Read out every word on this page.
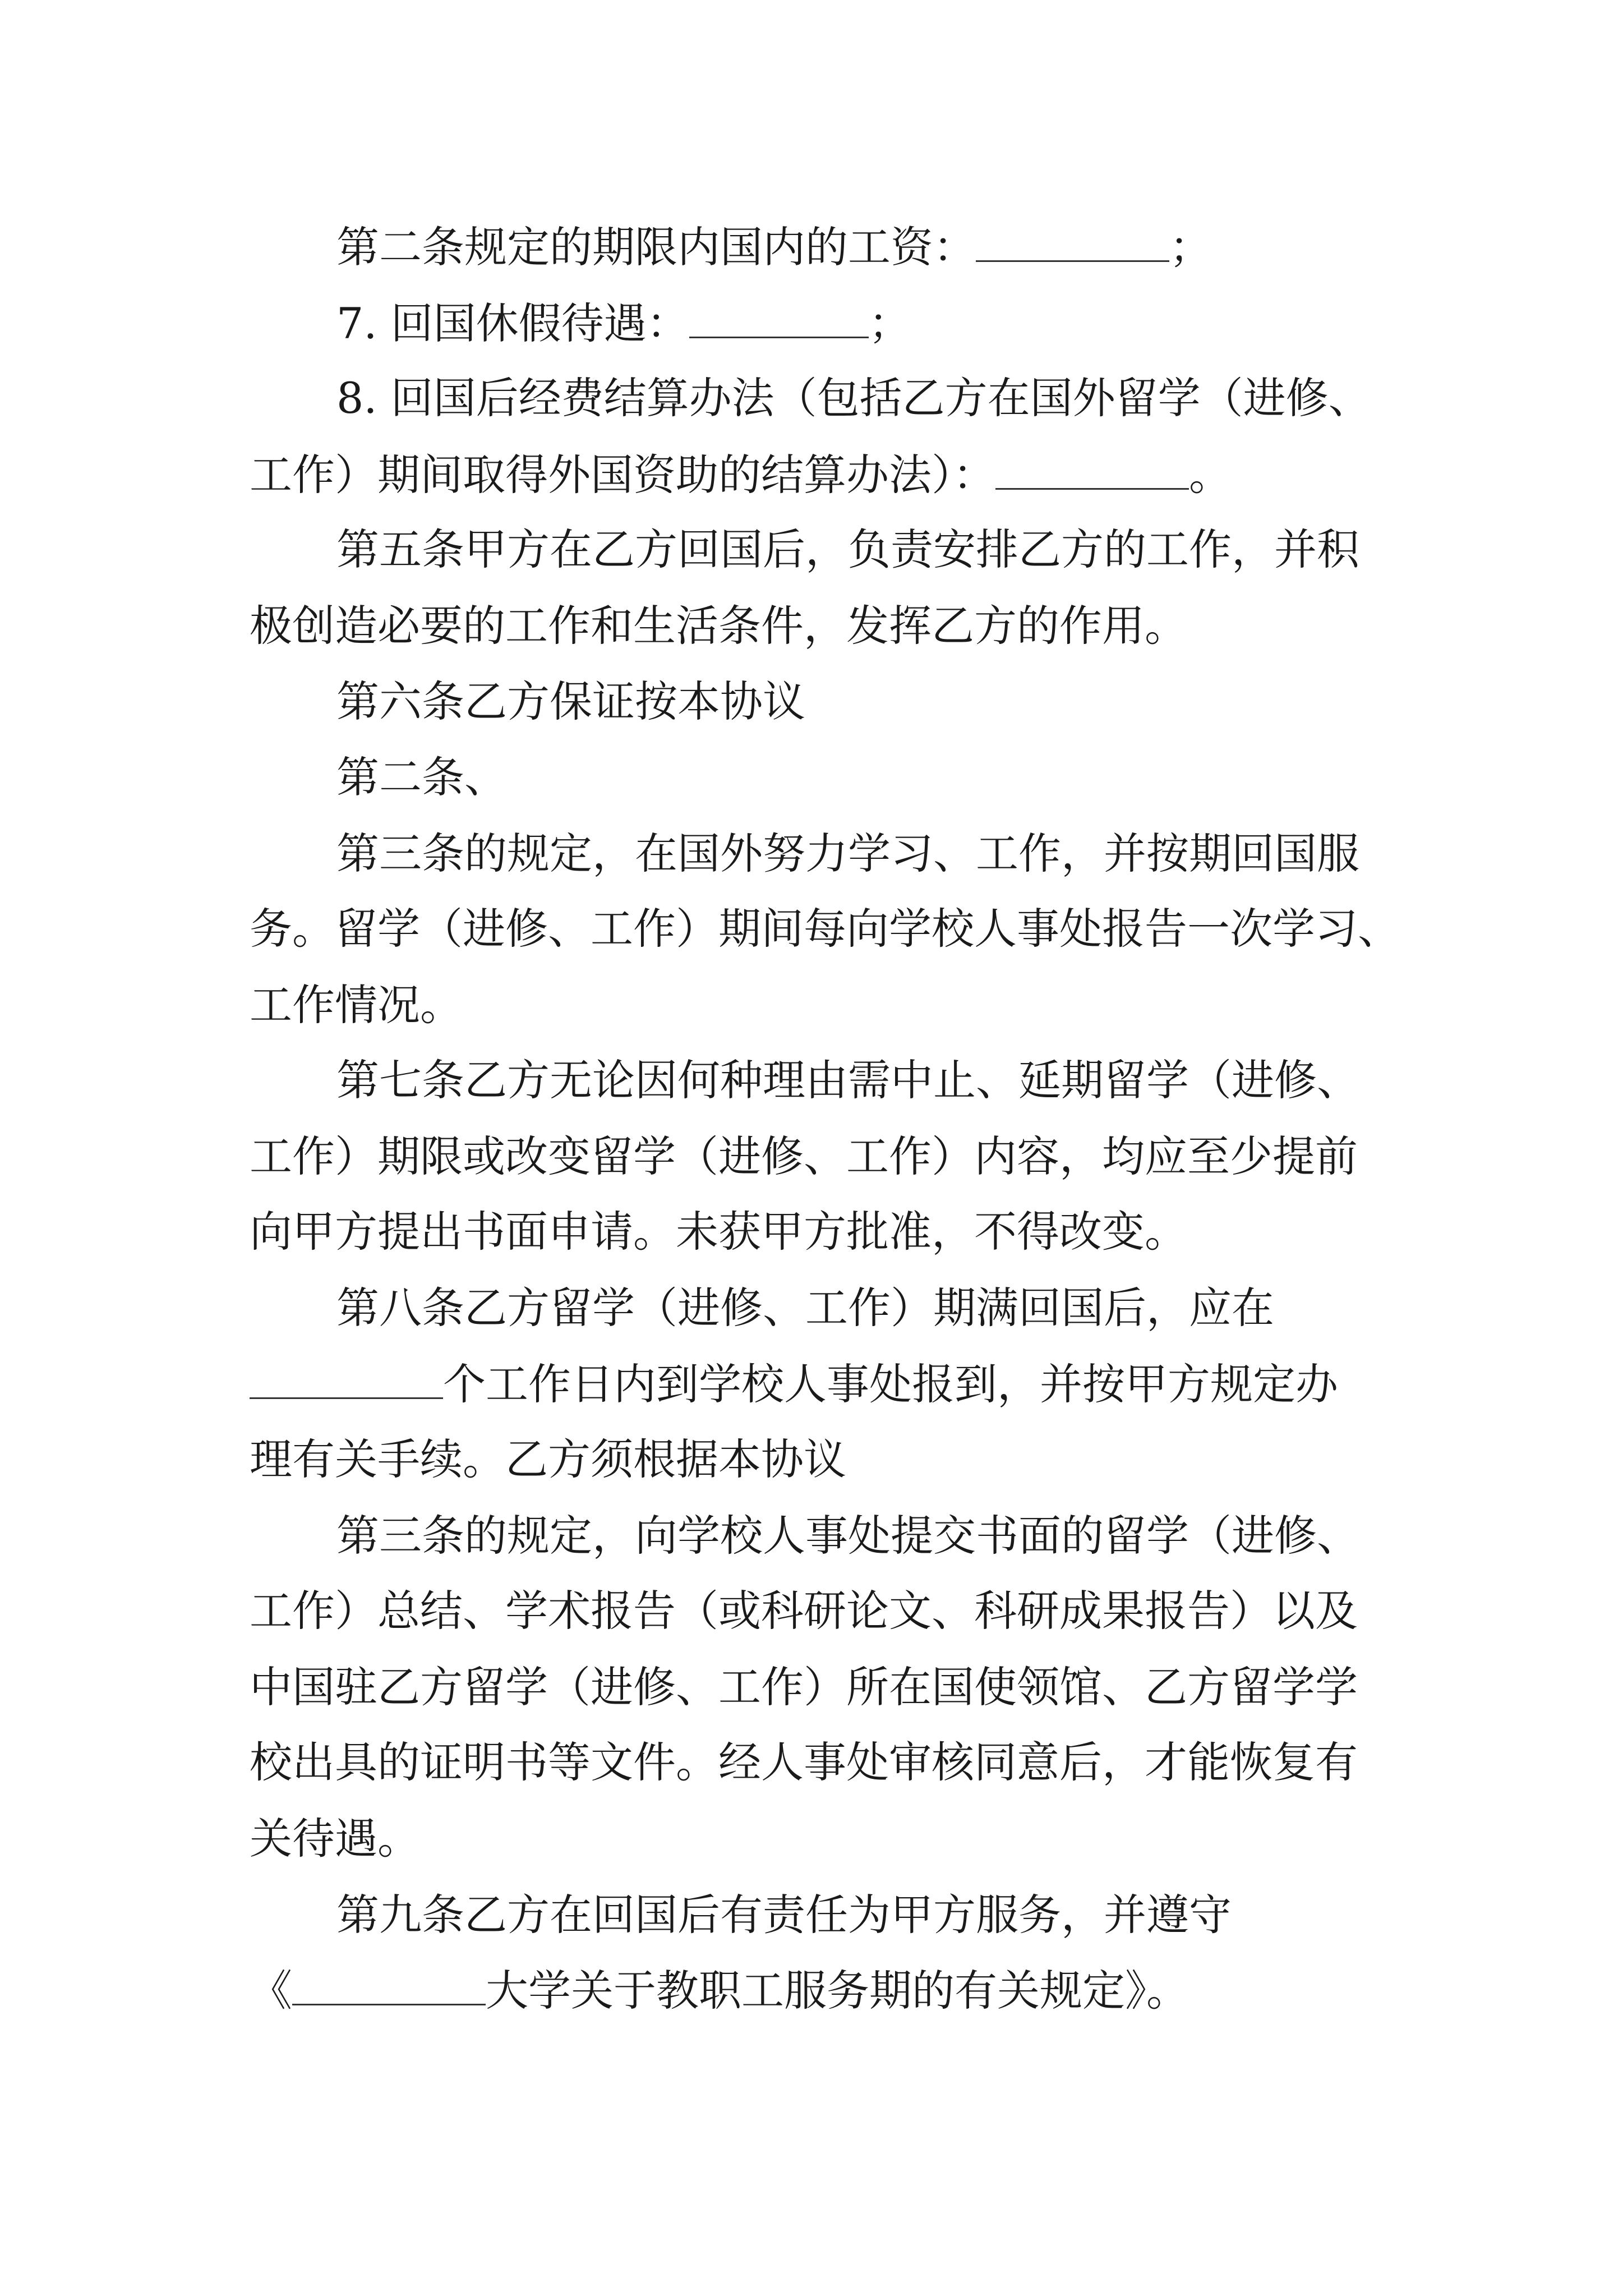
第二条规定的期限内国内的工资：	；
7. 回国休假待遇：	；
8. 回国后经费结算办法（包括乙方在国外留学（进修、
工作）期间取得外国资助的结算办法）：	。
第五条甲方在乙方回国后，负责安排乙方的工作，并积
极创造必要的工作和生活条件，发挥乙方的作用。
第六条乙方保证按本协议
第二条、
第三条的规定，在国外努力学习、工作，并按期回国服
务。留学（进修、工作）期间每向学校人事处报告一次学习、
工作情况。
第七条乙方无论因何种理由需中止、延期留学（进修、
工作）期限或改变留学（进修、工作）内容，均应至少提前
向甲方提出书面申请。未获甲方批准，不得改变。
第八条乙方留学（进修、工作）期满回国后，应在
个工作日内到学校人事处报到，并按甲方规定办
理有关手续。乙方须根据本协议
第三条的规定，向学校人事处提交书面的留学（进修、
工作）总结、学术报告（或科研论文、科研成果报告）以及
中国驻乙方留学（进修、工作）所在国使领馆、乙方留学学
校出具的证明书等文件。经人事处审核同意后，才能恢复有
关待遇。
第九条乙方在回国后有责任为甲方服务，并遵守
《	大学关于教职工服务期的有关规定》。
